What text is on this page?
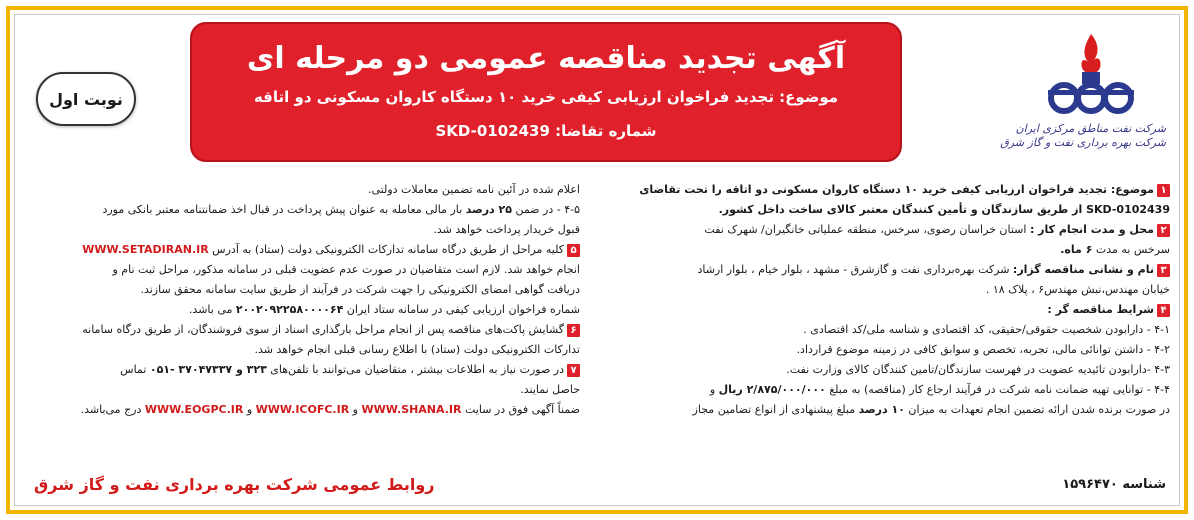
شرکت نفت مناطق مرکزی ایران
شرکت بهره برداری نفت و گاز شرق
آگهی تجدید مناقصه عمومی دو مرحله ای
موضوع: تجدید فراخوان ارزیابی کیفی خرید ۱۰ دستگاه کاروان مسکونی دو اتاقه
شماره تقاضا: SKD-0102439
نوبت اول
۱موضوع: تجدید فراخوان ارزیابی کیفی خرید ۱۰ دستگاه کاروان مسکونی دو اتاقه را تحت تقاضای
SKD-0102439 از طریق سازندگان و تأمین کنندگان معتبر کالای ساخت داخل کشور.
۲محل و مدت انجام کار : استان خراسان رضوی، سرخس، منطقه عملیاتی خانگیران/ شهرک نفت
سرخس به مدت ۶ ماه.
۳نام و نشانی مناقصه گزار: شرکت بهره‌برداری نفت و گازشرق - مشهد ، بلوار خیام ، بلوار ارشاد
خیابان مهندس،نبش مهندس۶ ، پلاک ۱۸ .
۴شرایط مناقصه گر :
۴-۱ - دارابودن شخصیت حقوقی/حقیقی، کد اقتصادی و شناسه ملی/کد اقتصادی .
۴-۲ - داشتن توانائی مالی، تجربه، تخصص و سوابق کافی در زمینه موضوع قرارداد.
۴-۳ -دارابودن تائیدیه عضویت در فهرست سازندگان/تامین کنندگان کالای وزارت نفت.
۴-۴ - توانایی تهیه ضمانت نامه شرکت در فرآیند ارجاع کار (مناقصه) به مبلغ ۲/۸۷۵/۰۰۰/۰۰۰ ریال و
در صورت برنده شدن ارائه تضمین انجام تعهدات به میزان ۱۰ درصد مبلغ پیشنهادی از انواع تضامین مجاز
اعلام شده در آئین نامه تضمین معاملات دولتی.
۴-۵ - در ضمن ۲۵ درصد بار مالی معامله به عنوان پیش پرداخت در قبال اخذ ضمانتنامه معتبر بانکی مورد
قبول خریدار پرداخت خواهد شد.
۵کلیه مراحل از طریق درگاه سامانه تدارکات الکترونیکی دولت (ستاد) به آدرس WWW.SETADIRAN.IR
انجام خواهد شد. لازم است متقاضیان در صورت عدم عضویت قبلی در سامانه مذکور، مراحل ثبت نام و
دریافت گواهی امضای الکترونیکی را جهت شرکت در فرآیند از طریق سایت سامانه محقق سازند.
شماره فراخوان ارزیابی کیفی در سامانه ستاد ایران ۲۰۰۲۰۹۲۲۵۸۰۰۰۰۶۴ می باشد.
۶گشایش پاکت‌های مناقصه پس از انجام مراحل بارگذاری اسناد از سوی فروشندگان، از طریق درگاه سامانه
تدارکات الکترونیکی دولت (ستاد) با اطلاع رسانی قبلی انجام خواهد شد.
۷در صورت نیاز به اطلاعات بیشتر ، متقاضیان می‌توانند با تلفن‌های ۳۲۳ و ۳۷۰۴۷۳۳۷ -۰۵۱ تماس
حاصل نمایند.
ضمناً آگهی فوق در سایت WWW.SHANA.IR و WWW.ICOFC.IR و WWW.EOGPC.IR درج می‌باشد.
روابط عمومی شرکت بهره برداری نفت و گاز شرق	شناسه ۱۵۹۶۴۷۰
